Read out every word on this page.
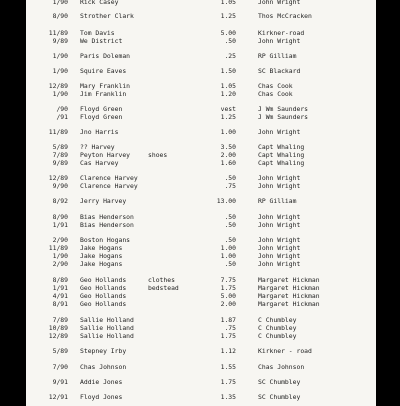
1/90 Rick Casey	1.05	John Wright
8/90 Strother Clark	1.25	Thos McCracken
11/89 Tom Davis	5.00	Kirkner-road
9/89 We District	.50	John Wright
1/90 Paris Doleman	.25	RP Gilliam
1/90 Squire Eaves	1.50	SC Blackard
12/89 Mary Franklin	1.05	Chas Cook
1/90 Jim Franklin	1.20	Chas Cook
/90 Floyd Green	vest	J Wm Saunders
/91 Floyd Green	1.25	J Wm Saunders
11/89 Jno Harris	1.00	John Wright
5/89 ?? Harvey	3.50	Capt Whaling
7/89 Peyton Harvey	shoes	2.00	Capt Whaling
9/89 Cas Harvey	1.60	Capt Whaling
12/89 Clarence Harvey	.50	John Wright
9/90 Clarence Harvey	.75	John Wright
8/92 Jerry Harvey	13.00	RP Gilliam
8/90 Bias Henderson	.50	John Wright
1/91 Bias Henderson	.50	John Wright
2/90 Boston Hogans	.50	John Wright
11/89 Jake Hogans	1.00	John Wright
1/90 Jake Hogans	1.00	John Wright
2/90 Jake Hogans	.50	John Wright
8/89 Geo Hollands	clothes	7.75	Margaret Hickman
1/91 Geo Hollands	bedstead	1.75	Margaret Hickman
4/91 Geo Hollands	5.00	Margaret Hickman
8/91 Geo Hollands	2.00	Margaret Hickman
7/89 Sallie Holland	1.87	C Chumbley
10/89 Sallie Holland	.75	C Chumbley
12/89 Sallie Holland	1.75	C Chumbley
5/89 Stepney Irby	1.12	Kirkner - road
7/90 Chas Johnson	1.55	Chas Johnson
9/91 Addie Jones	1.75	SC Chumbley
12/91 Floyd Jones	1.35	SC Chumbley
